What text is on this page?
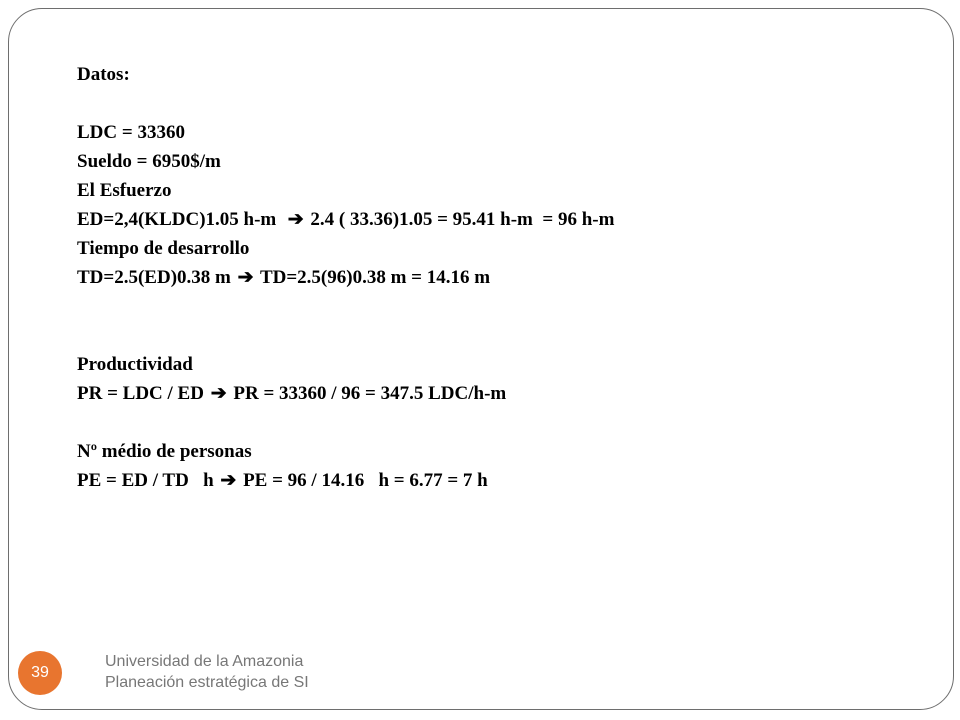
Datos:
LDC = 33360
Sueldo = 6950$/m
El Esfuerzo
ED=2,4(KLDC)1.05 h-m  ➔ 2.4 ( 33.36)1.05 = 95.41 h-m  = 96 h-m
Tiempo de desarrollo
TD=2.5(ED)0.38 m ➔ TD=2.5(96)0.38 m = 14.16 m
Productividad
PR = LDC / ED ➔ PR = 33360 / 96 = 347.5 LDC/h-m
Nº médio de personas
PE = ED / TD   h ➔ PE = 96 / 14.16   h = 6.77 = 7 h
Universidad de la Amazonia
Planeación estratégica de SI
39
